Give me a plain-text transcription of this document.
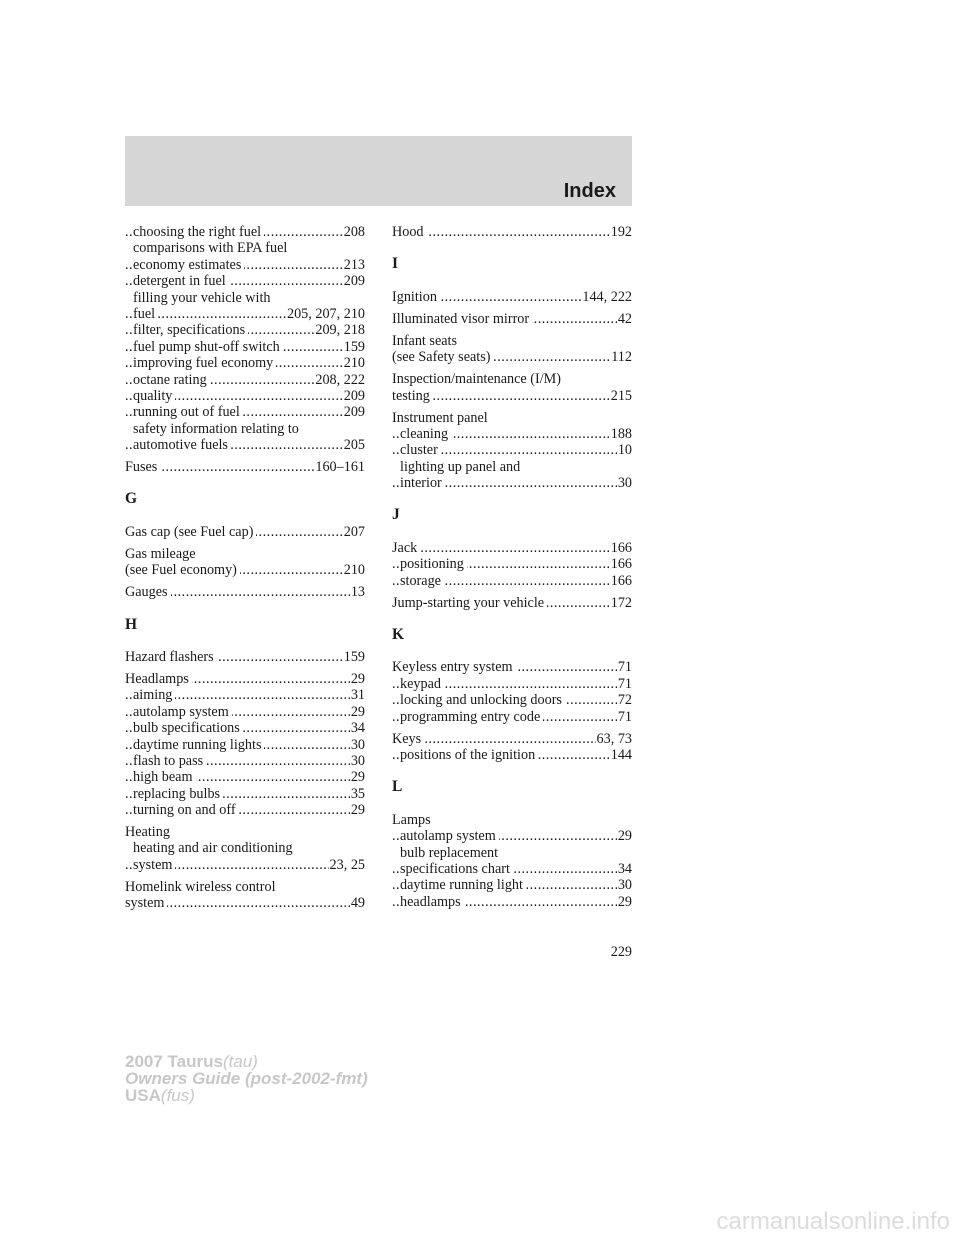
Index
choosing the right fuel	208
.....
comparisons with EPA fuel
economy estimates	213
.....
detergent in fuel	209
.....
filling your vehicle with
fuel	205, 207, 210
.....
filter, specifications	209, 218
.....
fuel pump shut-off switch	159
.....
improving fuel economy	210
.....
octane rating	208, 222
.....
quality	209
.....
running out of fuel	209
.....
safety information relating to
automotive fuels	205
.....
Fuses	160–161
.....
G
Gas cap (see Fuel cap)	207
.....
Gas mileage
(see Fuel economy)	210
.....
Gauges	13
.....
H
Hazard flashers	159
.....
Headlamps	29
.....
aiming	31
.....
autolamp system	29
.....
bulb specifications	34
.....
daytime running lights	30
.....
flash to pass	30
.....
high beam	29
.....
replacing bulbs	35
.....
turning on and off	29
.....
Heating
heating and air conditioning
system	23, 25
.....
Homelink wireless control
system	49
.....
Hood	192
.....
I
Ignition	144, 222
.....
Illuminated visor mirror	42
.....
Infant seats
(see Safety seats)	112
.....
Inspection/maintenance (I/M)
testing	215
.....
Instrument panel
cleaning	188
.....
cluster	10
.....
lighting up panel and
interior	30
.....
J
Jack	166
.....
positioning	166
.....
storage	166
.....
Jump-starting your vehicle	172
.....
K
Keyless entry system	71
.....
keypad	71
.....
locking and unlocking doors	72
.....
programming entry code	71
.....
Keys	63, 73
.....
positions of the ignition	144
.....
L
Lamps
autolamp system	29
.....
bulb replacement
specifications chart	34
.....
daytime running light	30
.....
headlamps	29
.....
229
2007 Taurus(tau)
Owners Guide (post-2002-fmt)
USA(fus)
carmanualsonline.info
